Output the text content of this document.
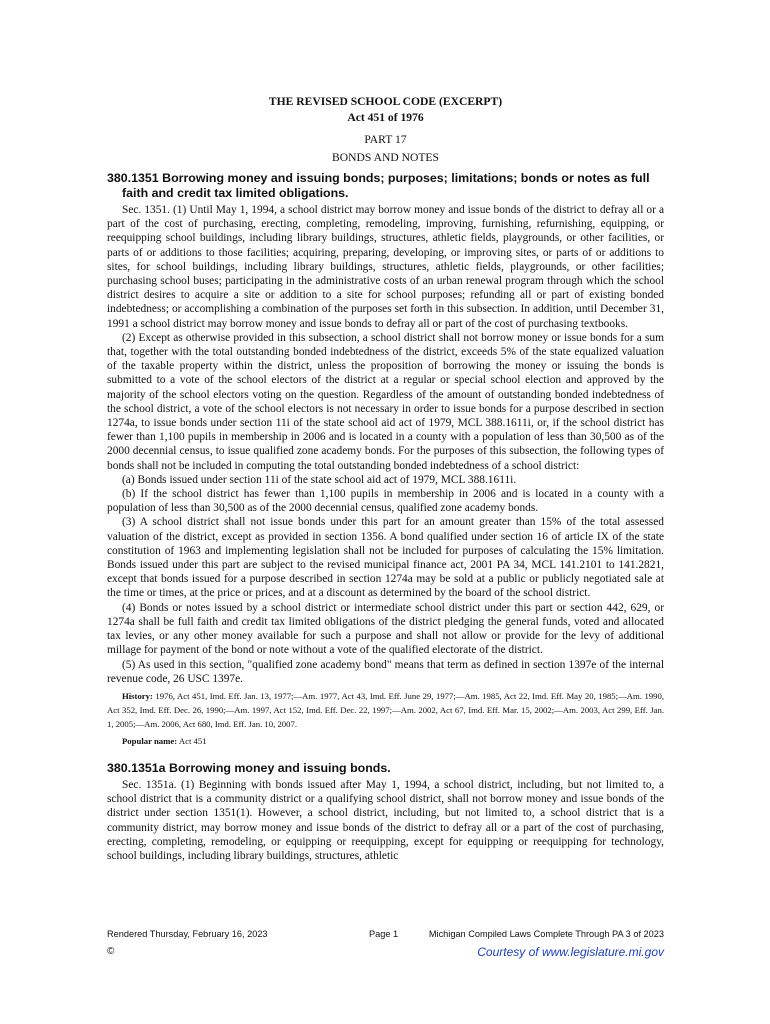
THE REVISED SCHOOL CODE (EXCERPT)
Act 451 of 1976
PART 17
BONDS AND NOTES
380.1351 Borrowing money and issuing bonds; purposes; limitations; bonds or notes as full faith and credit tax limited obligations.

Sec. 1351. (1) Until May 1, 1994, a school district may borrow money and issue bonds of the district to defray all or a part of the cost of purchasing, erecting, completing, remodeling, improving, furnishing, refurnishing, equipping, or reequipping school buildings, including library buildings, structures, athletic fields, playgrounds, or other facilities, or parts of or additions to those facilities; acquiring, preparing, developing, or improving sites, or parts of or additions to sites, for school buildings, including library buildings, structures, athletic fields, playgrounds, or other facilities; purchasing school buses; participating in the administrative costs of an urban renewal program through which the school district desires to acquire a site or addition to a site for school purposes; refunding all or part of existing bonded indebtedness; or accomplishing a combination of the purposes set forth in this subsection. In addition, until December 31, 1991 a school district may borrow money and issue bonds to defray all or part of the cost of purchasing textbooks.

(2) Except as otherwise provided in this subsection, a school district shall not borrow money or issue bonds for a sum that, together with the total outstanding bonded indebtedness of the district, exceeds 5% of the state equalized valuation of the taxable property within the district, unless the proposition of borrowing the money or issuing the bonds is submitted to a vote of the school electors of the district at a regular or special school election and approved by the majority of the school electors voting on the question. Regardless of the amount of outstanding bonded indebtedness of the school district, a vote of the school electors is not necessary in order to issue bonds for a purpose described in section 1274a, to issue bonds under section 11i of the state school aid act of 1979, MCL 388.1611i, or, if the school district has fewer than 1,100 pupils in membership in 2006 and is located in a county with a population of less than 30,500 as of the 2000 decennial census, to issue qualified zone academy bonds. For the purposes of this subsection, the following types of bonds shall not be included in computing the total outstanding bonded indebtedness of a school district:

(a) Bonds issued under section 11i of the state school aid act of 1979, MCL 388.1611i.

(b) If the school district has fewer than 1,100 pupils in membership in 2006 and is located in a county with a population of less than 30,500 as of the 2000 decennial census, qualified zone academy bonds.

(3) A school district shall not issue bonds under this part for an amount greater than 15% of the total assessed valuation of the district, except as provided in section 1356. A bond qualified under section 16 of article IX of the state constitution of 1963 and implementing legislation shall not be included for purposes of calculating the 15% limitation. Bonds issued under this part are subject to the revised municipal finance act, 2001 PA 34, MCL 141.2101 to 141.2821, except that bonds issued for a purpose described in section 1274a may be sold at a public or publicly negotiated sale at the time or times, at the price or prices, and at a discount as determined by the board of the school district.

(4) Bonds or notes issued by a school district or intermediate school district under this part or section 442, 629, or 1274a shall be full faith and credit tax limited obligations of the district pledging the general funds, voted and allocated tax levies, or any other money available for such a purpose and shall not allow or provide for the levy of additional millage for payment of the bond or note without a vote of the qualified electorate of the district.

(5) As used in this section, "qualified zone academy bond" means that term as defined in section 1397e of the internal revenue code, 26 USC 1397e.

History: 1976, Act 451, Imd. Eff. Jan. 13, 1977;—Am. 1977, Act 43, Imd. Eff. June 29, 1977;—Am. 1985, Act 22, Imd. Eff. May 20, 1985;—Am. 1990, Act 352, Imd. Eff. Dec. 26, 1990;—Am. 1997, Act 152, Imd. Eff. Dec. 22, 1997;—Am. 2002, Act 67, Imd. Eff. Mar. 15, 2002;—Am. 2003, Act 299, Eff. Jan. 1, 2005;—Am. 2006, Act 680, Imd. Eff. Jan. 10, 2007.

Popular name: Act 451

380.1351a Borrowing money and issuing bonds.

Sec. 1351a. (1) Beginning with bonds issued after May 1, 1994, a school district, including, but not limited to, a school district that is a community district or a qualifying school district, shall not borrow money and issue bonds of the district under section 1351(1). However, a school district, including, but not limited to, a school district that is a community district, may borrow money and issue bonds of the district to defray all or a part of the cost of purchasing, erecting, completing, remodeling, or equipping or reequipping, except for equipping or reequipping for technology, school buildings, including library buildings, structures, athletic

Rendered Thursday, February 16, 2023	Page 1	Michigan Compiled Laws Complete Through PA 3 of 2023
©	Courtesy of www.legislature.mi.gov
